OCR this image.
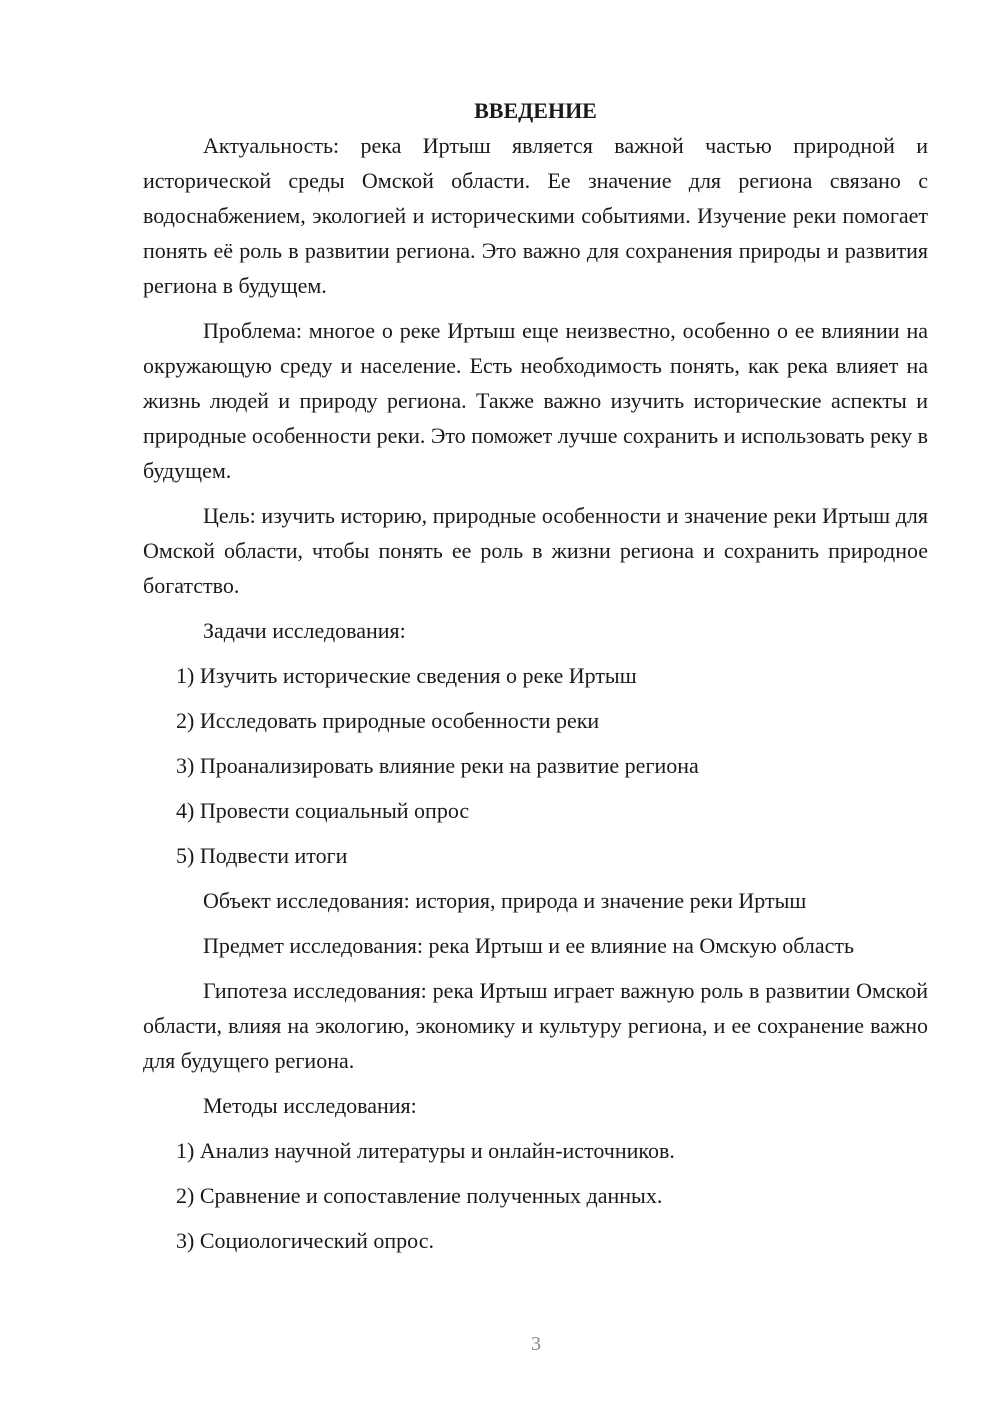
ВВЕДЕНИЕ

Актуальность: река Иртыш является важной частью природной и исторической среды Омской области. Ее значение для региона связано с водоснабжением, экологией и историческими событиями. Изучение реки помогает понять её роль в развитии региона. Это важно для сохранения природы и развития региона в будущем.

Проблема: многое о реке Иртыш еще неизвестно, особенно о ее влиянии на окружающую среду и население. Есть необходимость понять, как река влияет на жизнь людей и природу региона. Также важно изучить исторические аспекты и природные особенности реки. Это поможет лучше сохранить и использовать реку в будущем.

Цель: изучить историю, природные особенности и значение реки Иртыш для Омской области, чтобы понять ее роль в жизни региона и сохранить природное богатство.

Задачи исследования:

1) Изучить исторические сведения о реке Иртыш
2) Исследовать природные особенности реки
3) Проанализировать влияние реки на развитие региона
4) Провести социальный опрос
5) Подвести итоги

Объект исследования: история, природа и значение реки Иртыш

Предмет исследования: река Иртыш и ее влияние на Омскую область

Гипотеза исследования: река Иртыш играет важную роль в развитии Омской области, влияя на экологию, экономику и культуру региона, и ее сохранение важно для будущего региона.

Методы исследования:

1) Анализ научной литературы и онлайн-источников.
2) Сравнение и сопоставление полученных данных.
3) Социологический опрос.
3
